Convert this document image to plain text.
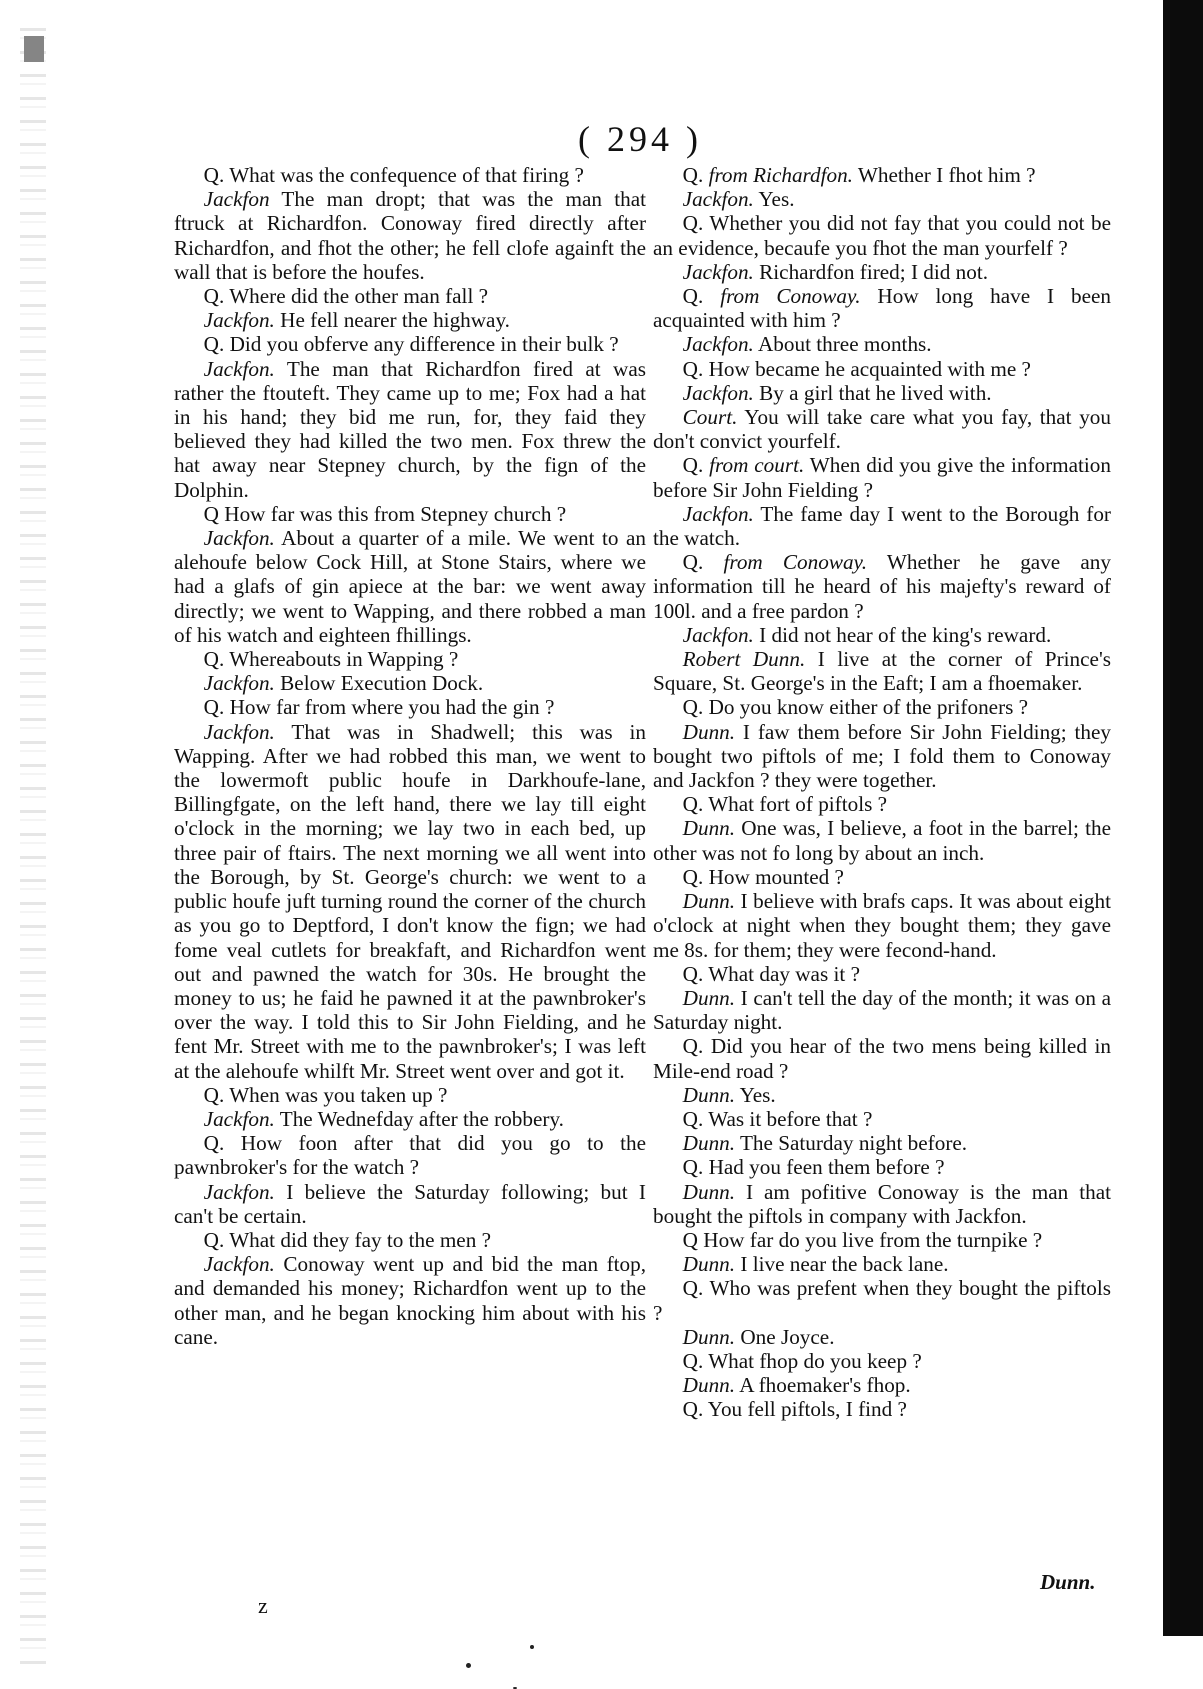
( 294 )

Q. What was the confequence of that firing ?

Jackfon The man dropt; that was the man that ftruck at Richardfon. Conoway fired directly after Richardfon, and fhot the other; he fell clofe againft the wall that is before the houfes.

Q. Where did the other man fall ?

Jackfon. He fell nearer the highway.

Q. Did you obferve any difference in their bulk ?

Jackfon. The man that Richardfon fired at was rather the ftouteft. They came up to me; Fox had a hat in his hand; they bid me run, for, they faid they believed they had killed the two men. Fox threw the hat away near Stepney church, by the fign of the Dolphin.

Q How far was this from Stepney church ?

Jackfon. About a quarter of a mile. We went to an alehoufe below Cock Hill, at Stone Stairs, where we had a glafs of gin apiece at the bar: we went away directly; we went to Wapping, and there robbed a man of his watch and eighteen fhillings.

Q. Whereabouts in Wapping ?

Jackfon. Below Execution Dock.

Q. How far from where you had the gin ?

Jackfon. That was in Shadwell; this was in Wapping. After we had robbed this man, we went to the lowermoft public houfe in Darkhoufe-lane, Billingfgate, on the left hand, there we lay till eight o'clock in the morning; we lay two in each bed, up three pair of ftairs. The next morning we all went into the Borough, by St. George's church: we went to a public houfe juft turning round the corner of the church as you go to Deptford, I don't know the fign; we had fome veal cutlets for breakfaft, and Richardfon went out and pawned the watch for 30s. He brought the money to us; he faid he pawned it at the pawnbroker's over the way. I told this to Sir John Fielding, and he fent Mr. Street with me to the pawnbroker's; I was left at the alehoufe whilft Mr. Street went over and got it.

Q. When was you taken up ?

Jackfon. The Wednefday after the robbery.

Q. How foon after that did you go to the pawnbroker's for the watch ?

Jackfon. I believe the Saturday following; but I can't be certain.

Q. What did they fay to the men ?

Jackfon. Conoway went up and bid the man ftop, and demanded his money; Richardfon went up to the other man, and he began knocking him about with his cane.

Q. from Richardfon. Whether I fhot him ?

Jackfon. Yes.

Q. Whether you did not fay that you could not be an evidence, becaufe you fhot the man yourfelf ?

Jackfon. Richardfon fired; I did not.

Q. from Conoway. How long have I been acquainted with him ?

Jackfon. About three months.

Q. How became he acquainted with me ?

Jackfon. By a girl that he lived with.

Court. You will take care what you fay, that you don't convict yourfelf.

Q. from court. When did you give the information before Sir John Fielding ?

Jackfon. The fame day I went to the Borough for the watch.

Q. from Conoway. Whether he gave any information till he heard of his majefty's reward of 100l. and a free pardon ?

Jackfon. I did not hear of the king's reward.

Robert Dunn. I live at the corner of Prince's Square, St. George's in the Eaft; I am a fhoemaker.

Q. Do you know either of the prifoners ?

Dunn. I faw them before Sir John Fielding; they bought two piftols of me; I fold them to Conoway and Jackfon ? they were together.

Q. What fort of piftols ?

Dunn. One was, I believe, a foot in the barrel; the other was not fo long by about an inch.

Q. How mounted ?

Dunn. I believe with brafs caps. It was about eight o'clock at night when they bought them; they gave me 8s. for them; they were fecond-hand.

Q. What day was it ?

Dunn. I can't tell the day of the month; it was on a Saturday night.

Q. Did you hear of the two mens being killed in Mile-end road ?

Dunn. Yes.

Q. Was it before that ?

Dunn. The Saturday night before.

Q. Had you feen them before ?

Dunn. I am pofitive Conoway is the man that bought the piftols in company with Jackfon.

Q How far do you live from the turnpike ?

Dunn. I live near the back lane.

Q. Who was prefent when they bought the piftols ?

Dunn. One Joyce.

Q. What fhop do you keep ?

Dunn. A fhoemaker's fhop.

Q. You fell piftols, I find ?

z
Dunn.
